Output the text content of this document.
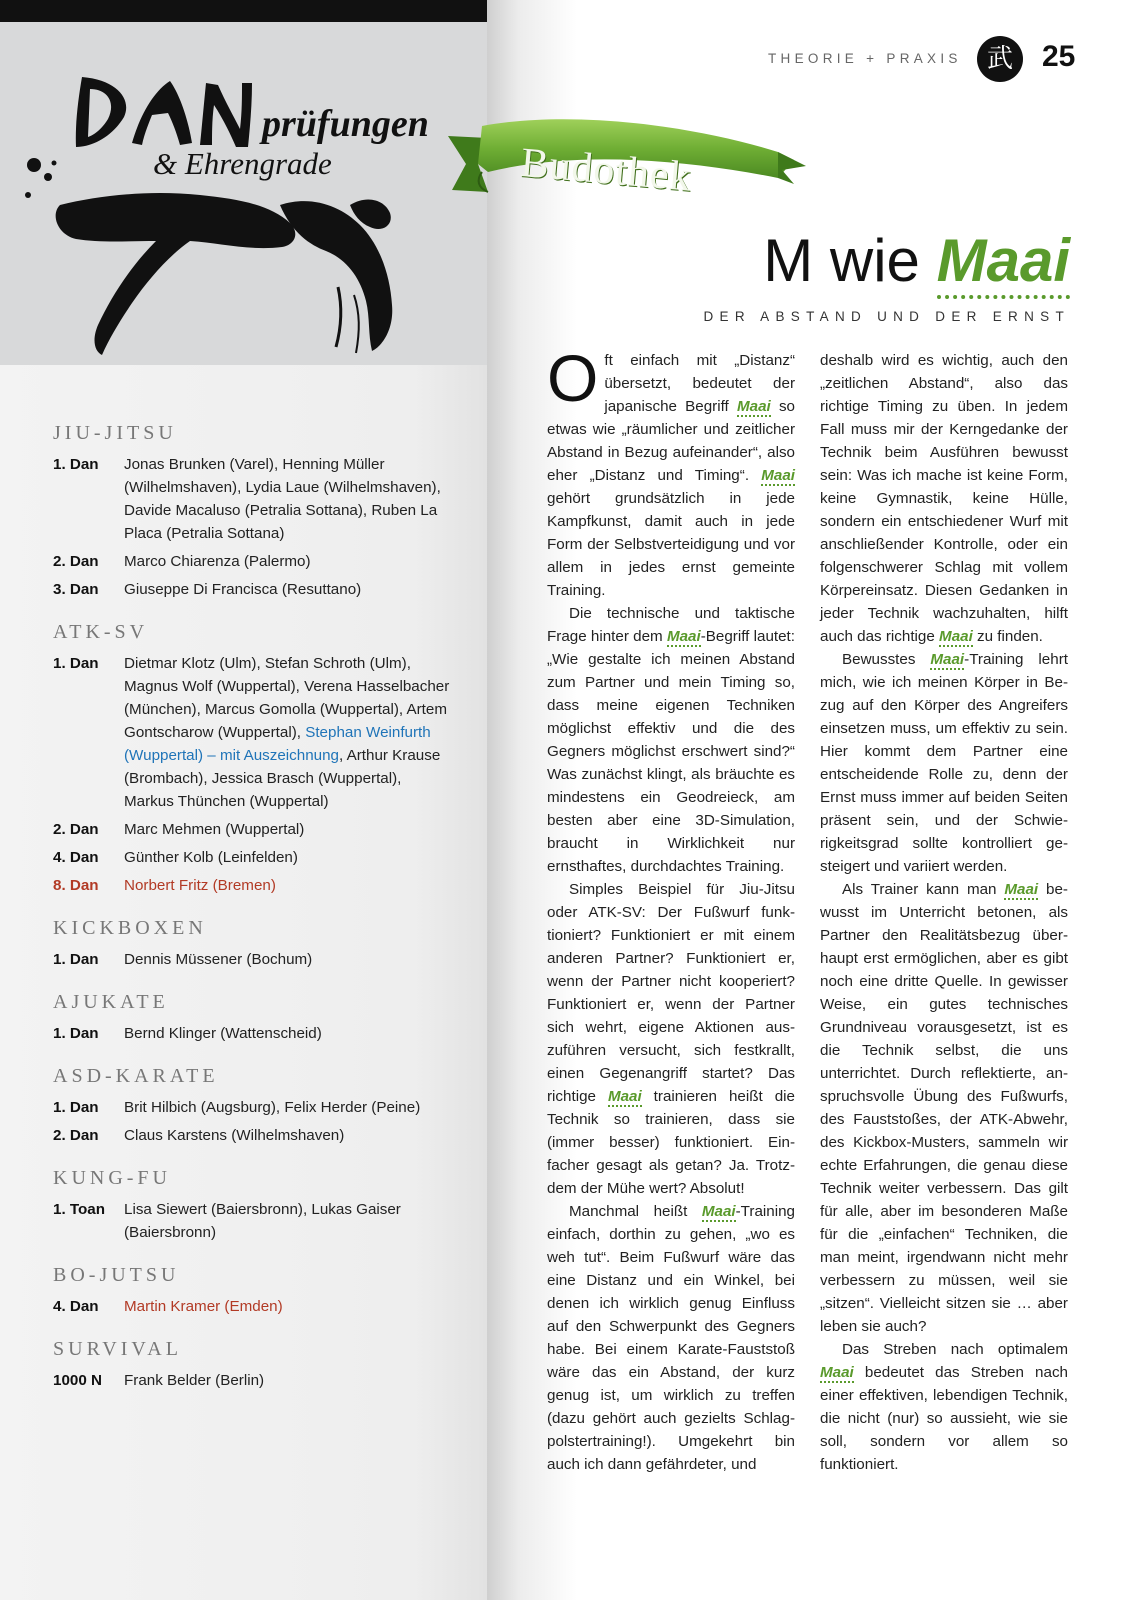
prüfungen
& Ehrengrade
JIU-JITSU
1. Dan	Jonas Brunken (Varel), Henning Müller (Wilhelmshaven), Lydia Laue (Wilhelmshaven), Davide Macaluso (Petralia Sottana), Ruben La Placa (Petralia Sottana)
2. Dan	Marco Chiarenza (Palermo)
3. Dan	Giuseppe Di Francisca (Resuttano)
ATK-SV
1. Dan	Dietmar Klotz (Ulm), Stefan Schroth (Ulm), Magnus Wolf (Wuppertal), Verena Hasselbacher (München), Marcus Gomolla (Wuppertal), Artem Gontscharow (Wuppertal), Stephan Weinfurth (Wuppertal) – mit Auszeichnung, Arthur Krause (Brombach), Jessica Brasch (Wuppertal), Markus Thünchen (Wuppertal)
2. Dan	Marc Mehmen (Wuppertal)
4. Dan	Günther Kolb (Leinfelden)
8. Dan	Norbert Fritz (Bremen)
KICKBOXEN
1. Dan	Dennis Müssener (Bochum)
AJUKATE
1. Dan	Bernd Klinger (Wattenscheid)
ASD-KARATE
1. Dan	Brit Hilbich (Augsburg), Felix Herder (Peine)
2. Dan	Claus Karstens (Wilhelmshaven)
KUNG-FU
1. Toan	Lisa Siewert (Baiersbronn), Lukas Gaiser (Baiersbronn)
BO-JUTSU
4. Dan	Martin Kramer (Emden)
SURVIVAL
1000 N	Frank Belder (Berlin)
THEORIE + PRAXIS 武 25
Budothek
M wie Maai
DER ABSTAND UND DER ERNST

Oft einfach mit „Distanz“ übersetzt, bedeutet der japanische Begriff Maai so etwas wie „räumlicher und zeitlicher Abstand in Bezug aufeinander“, also eher „Distanz und Timing“. Maai gehört grundsätzlich in jede Kampfkunst, damit auch in jede Form der Selbstverteidigung und vor allem in jedes ernst gemeinte Training.

Die technische und taktische Frage hinter dem Maai-Begriff lautet: „Wie gestalte ich meinen Abstand zum Partner und mein Timing so, dass meine eigenen Techniken möglichst effektiv und die des Gegners möglichst erschwert sind?“ Was zunächst klingt, als bräuchte es mindestens ein Geodreieck, am besten aber eine 3D-Simulation, braucht in Wirklichkeit nur ernsthaftes, durchdachtes Training.

Simples Beispiel für Jiu-Jitsu oder ATK-SV: Der Fußwurf funktioniert? Funktioniert er mit einem anderen Partner? Funktioniert er, wenn der Partner nicht kooperiert? Funktioniert er, wenn der Partner sich wehrt, eigene Aktionen auszuführen versucht, sich festkrallt, einen Gegenangriff startet? Das richtige Maai trainieren heißt die Technik so trainieren, dass sie (immer besser) funktioniert. Einfacher gesagt als getan? Ja. Trotzdem der Mühe wert? Absolut!

Manchmal heißt Maai-Training einfach, dorthin zu gehen, „wo es weh tut“. Beim Fußwurf wäre das eine Distanz und ein Winkel, bei denen ich wirklich genug Einfluss auf den Schwerpunkt des Gegners habe. Bei einem Karate-Fauststoß wäre das ein Abstand, der kurz genug ist, um wirklich zu treffen (dazu gehört auch gezielts Schlagpolstertraining!). Umgekehrt bin auch ich dann gefährdeter, und

deshalb wird es wichtig, auch den „zeitlichen Abstand“, also das richtige Timing zu üben. In jedem Fall muss mir der Kerngedanke der Technik beim Ausführen bewusst sein: Was ich mache ist keine Form, keine Gymnastik, keine Hülle, sondern ein entschiedener Wurf mit anschließender Kontrolle, oder ein folgenschwerer Schlag mit vollem Körpereinsatz. Diesen Gedanken in jeder Technik wachzuhalten, hilft auch das richtige Maai zu finden.

Bewusstes Maai-Training lehrt mich, wie ich meinen Körper in Bezug auf den Körper des Angreifers einsetzen muss, um effektiv zu sein. Hier kommt dem Partner eine entscheidende Rolle zu, denn der Ernst muss immer auf beiden Seiten präsent sein, und der Schwierigkeitsgrad sollte kontrolliert gesteigert und variiert werden.

Als Trainer kann man Maai bewusst im Unterricht betonen, als Partner den Realitätsbezug überhaupt erst ermöglichen, aber es gibt noch eine dritte Quelle. In gewisser Weise, ein gutes technisches Grundniveau vorausgesetzt, ist es die Technik selbst, die uns unterrichtet. Durch reflektierte, anspruchsvolle Übung des Fußwurfs, des Fauststoßes, der ATK-Abwehr, des Kickbox-Musters, sammeln wir echte Erfahrungen, die genau diese Technik weiter verbessern. Das gilt für alle, aber im besonderen Maße für die „einfachen“ Techniken, die man meint, irgendwann nicht mehr verbessern zu müssen, weil sie „sitzen“. Vielleicht sitzen sie … aber leben sie auch?

Das Streben nach optimalem Maai bedeutet das Streben nach einer effektiven, lebendigen Technik, die nicht (nur) so aussieht, wie sie soll, sondern vor allem so funktioniert.
